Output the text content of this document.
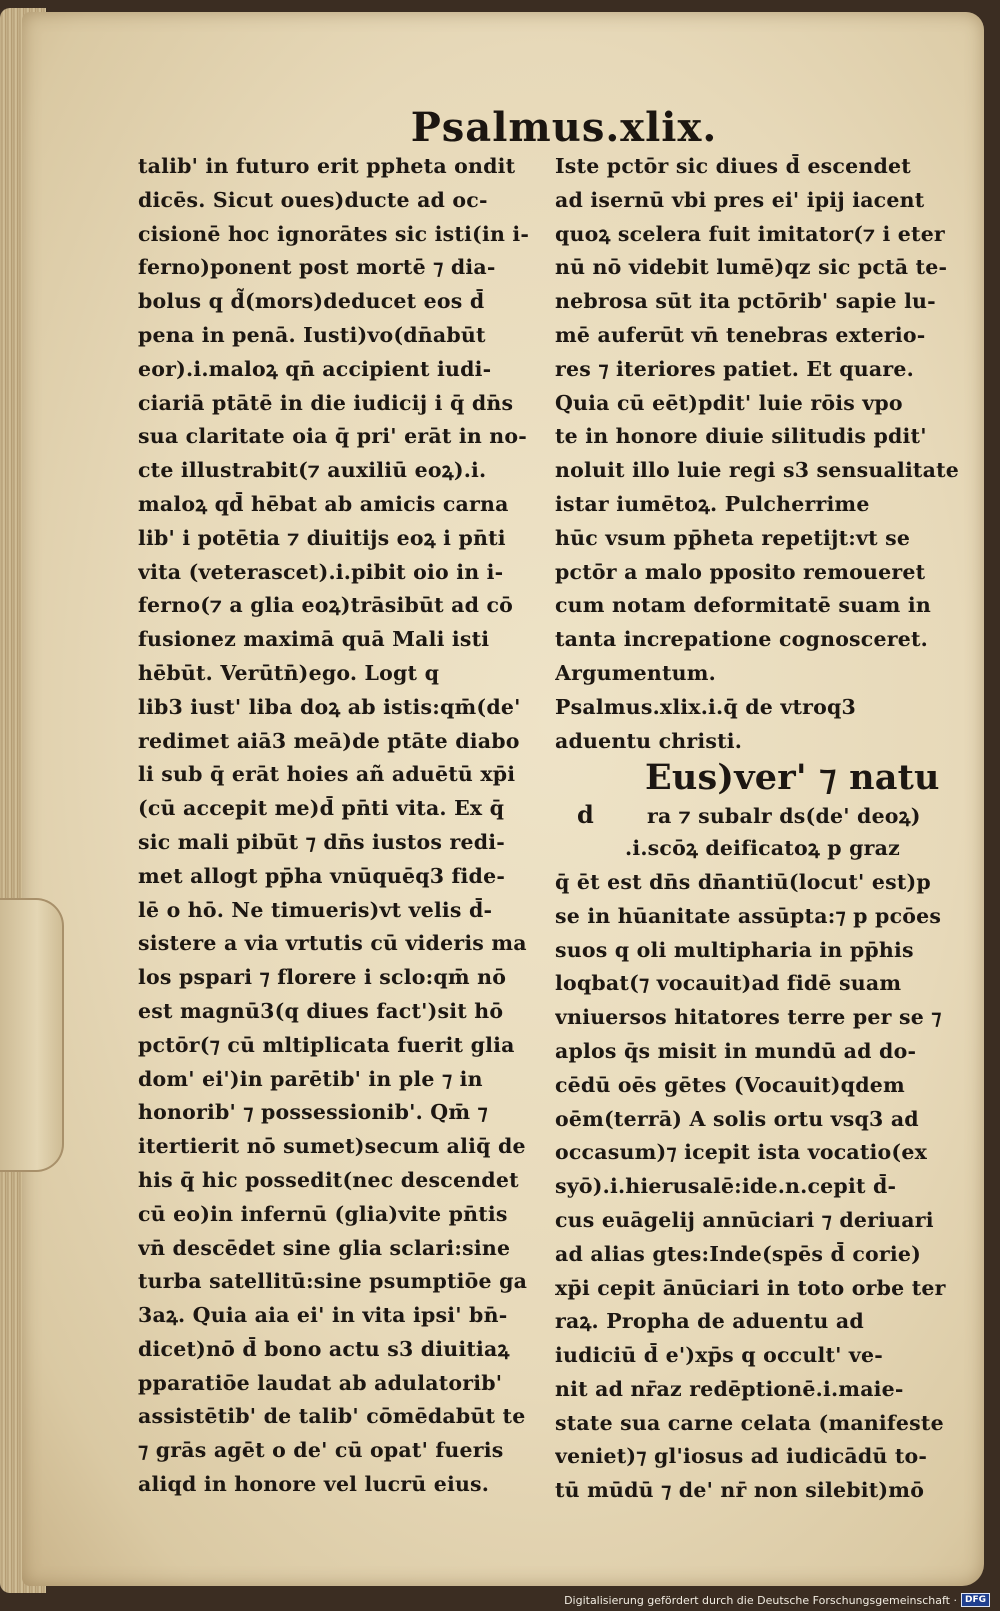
Psalmus.xlix.
talib' in futuro erit pphetа ondit
dicēs. Sicut oues)ducte ad oc-
cisionē hoc ignorātes sic isti(in i-
ferno)ponent post mortē ⁊ dia-
bolus q d̃(mors)deducet eos d̄
pena in penā. Iusti)vo(dn̄abūt
eor).i.maloꝝ qn̄ accipient iudi-
ciariā ptātē in die iudicij i q̄ dn̄s
sua claritate oia q̄ pri' erāt in no-
cte illustrabit(⁊ auxiliū eoꝝ).i.
maloꝝ qd̄ hēbat ab amicis carna
lib' i potētia ⁊ diuitijs eoꝝ i pn̄ti
vita (veterascet).i.pibit oio in i-
ferno(⁊ a glia eoꝝ)trāsibūt ad cō
fusionez maximā quā Mali isti
hēbūt. Verūtn̄)ego. Logt q
lib3 iust' liba doꝝ ab istis:qm̄(de'
redimet aiā3 meā)de ptāte diabo
li sub q̄ erāt hoies añ aduētū xp̄i
(cū accepit me)d̄ pn̄ti vita. Ex q̄
sic mali pibūt ⁊ dn̄s iustos redi-
met allogt pp̄ha vnūquēq3 fide-
lē o hō. Ne timueris)vt velis d̄-
sistere a via vrtutis cū videris ma
los pspari ⁊ florere i sclo:qm̄ nō
est magnū3(q diues fact')sit hō
pctōr(⁊ cū mltiplicata fuerit glia
dom' ei')in parētib' in ple ⁊ in
honorib' ⁊ possessionib'. Qm̄ ⁊
itertierit nō sumet)secum aliq̄ de
his q̄ hic possedit(nec descendet
cū eo)in infernū (glia)vite pn̄tis
vn̄ descēdet sine glia sclari:sine
turba satellitū:sine psumptiōe ga
3aꝝ. Quia aia ei' in vita ipsi' bn̄-
dicet)nō d̄ bono actu s3 diuitiaꝝ
pparatiōe laudat ab adulatorib'
assistētib' de talib' cōmēdabūt te
⁊ grās agēt o de' cū opat' fueris
aliqd in honore vel lucrū eius.
Iste pctōr sic diues d̄ escendet
ad isernū vbi pres ei' ipij iacent
quoꝝ scelera fuit imitator(⁊ i eter
nū nō videbit lumē)qz sic pctā te-
nebrosa sūt ita pctōrib' sapie lu-
mē auferūt vn̄ tenebras exterio-
res ⁊ iteriores patiet. Et quare.
Quia cū eēt)pdit' luie rōis vpo
te in honore diuie silitudis pdit'
noluit illo luie regi s3 sensualitate
istar iumētoꝝ. Pulcherrime
hūc vsum pp̄heta repetijt:vt se
pctōr a malo pposito remoueret
cum notam deformitatē suam in
tanta increpatione cognosceret.
Argumentum.
Psalmus.xlix.i.q̄ de vtroq3
aduentu christi.
Eus)ver' ⁊ natu
d	ra ⁊ subalr ds(de' deoꝝ)
.i.scōꝝ deificatoꝝ p graz
q̄ ēt est dn̄s dn̄antiū(locut' est)p
se in hūanitate assūpta:⁊ p pcōes
suos q oli multipharia in pp̄his
loqbat(⁊ vocauit)ad fidē suam
vniuersos hitatores terre per se ⁊
aplos q̄s misit in mundū ad do-
cēdū oēs gētes (Vocauit)qdem
oēm(terrā) A solis ortu vsq3 ad
occasum)⁊ icepit ista vocatio(ex
syō).i.hierusalē:ide.n.cepit d̄-
cus euāgelij annūciari ⁊ deriuari
ad alias gtes:Inde(spēs d̄ corie)
xp̄i cepit ānūciari in toto orbe ter
raꝝ. Propha de aduentu ad
iudiciū d̄ e')xp̄s q occult' ve-
nit ad nr̄az redēptionē.i.maie-
state sua carne celata (manifeste
veniet)⁊ gl'iosus ad iudicādū to-
tū mūdū ⁊ de' nr̄ non silebit)mō
Digitalisierung gefördert durch die Deutsche Forschungsgemeinschaft · DFG
